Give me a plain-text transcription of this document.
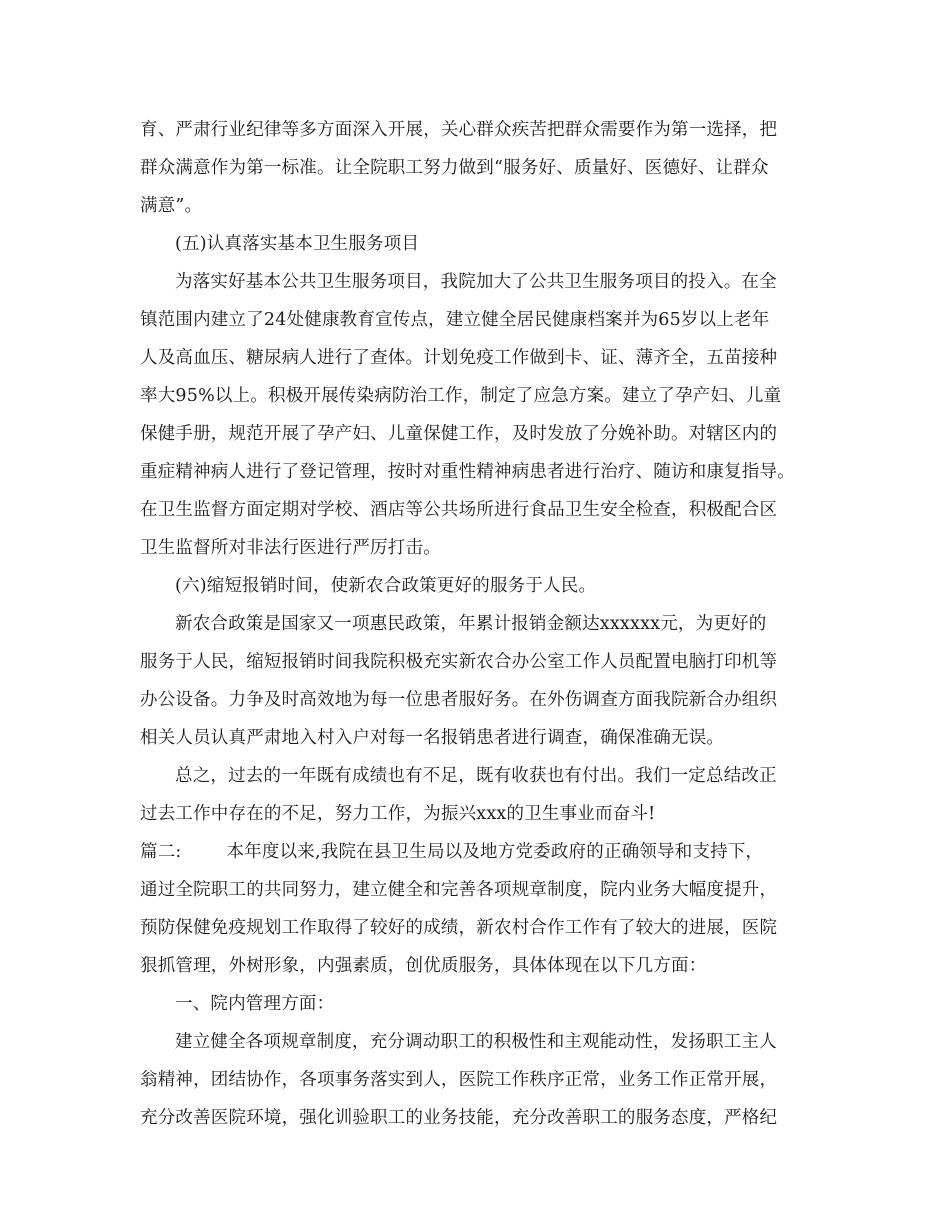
育、严肃行业纪律等多方面深入开展，关心群众疾苦把群众需要作为第一选择，把
群众满意作为第一标准。让全院职工努力做到“服务好、质量好、医德好、让群众
满意”。
(五)认真落实基本卫生服务项目
为落实好基本公共卫生服务项目，我院加大了公共卫生服务项目的投入。在全
镇范围内建立了24处健康教育宣传点，建立健全居民健康档案并为65岁以上老年
人及高血压、糖尿病人进行了查体。计划免疫工作做到卡、证、薄齐全，五苗接种
率大95%以上。积极开展传染病防治工作，制定了应急方案。建立了孕产妇、儿童
保健手册，规范开展了孕产妇、儿童保健工作，及时发放了分娩补助。对辖区内的
重症精神病人进行了登记管理，按时对重性精神病患者进行治疗、随访和康复指导。
在卫生监督方面定期对学校、酒店等公共场所进行食品卫生安全检查，积极配合区
卫生监督所对非法行医进行严厉打击。
(六)缩短报销时间，使新农合政策更好的服务于人民。
新农合政策是国家又一项惠民政策，年累计报销金额达xxxxxx元，为更好的
服务于人民，缩短报销时间我院积极充实新农合办公室工作人员配置电脑打印机等
办公设备。力争及时高效地为每一位患者服好务。在外伤调查方面我院新合办组织
相关人员认真严肃地入村入户对每一名报销患者进行调查，确保准确无误。
总之，过去的一年既有成绩也有不足，既有收获也有付出。我们一定总结改正
过去工作中存在的不足，努力工作，为振兴xxx的卫生事业而奋斗!
篇二:	本年度以来,我院在县卫生局以及地方党委政府的正确领导和支持下，
通过全院职工的共同努力，建立健全和完善各项规章制度，院内业务大幅度提升，
预防保健免疫规划工作取得了较好的成绩，新农村合作工作有了较大的进展，医院
狠抓管理，外树形象，内强素质，创优质服务，具体体现在以下几方面：
一、院内管理方面：
建立健全各项规章制度，充分调动职工的积极性和主观能动性，发扬职工主人
翁精神，团结协作，各项事务落实到人，医院工作秩序正常，业务工作正常开展，
充分改善医院环境，强化训验职工的业务技能，充分改善职工的服务态度，严格纪
